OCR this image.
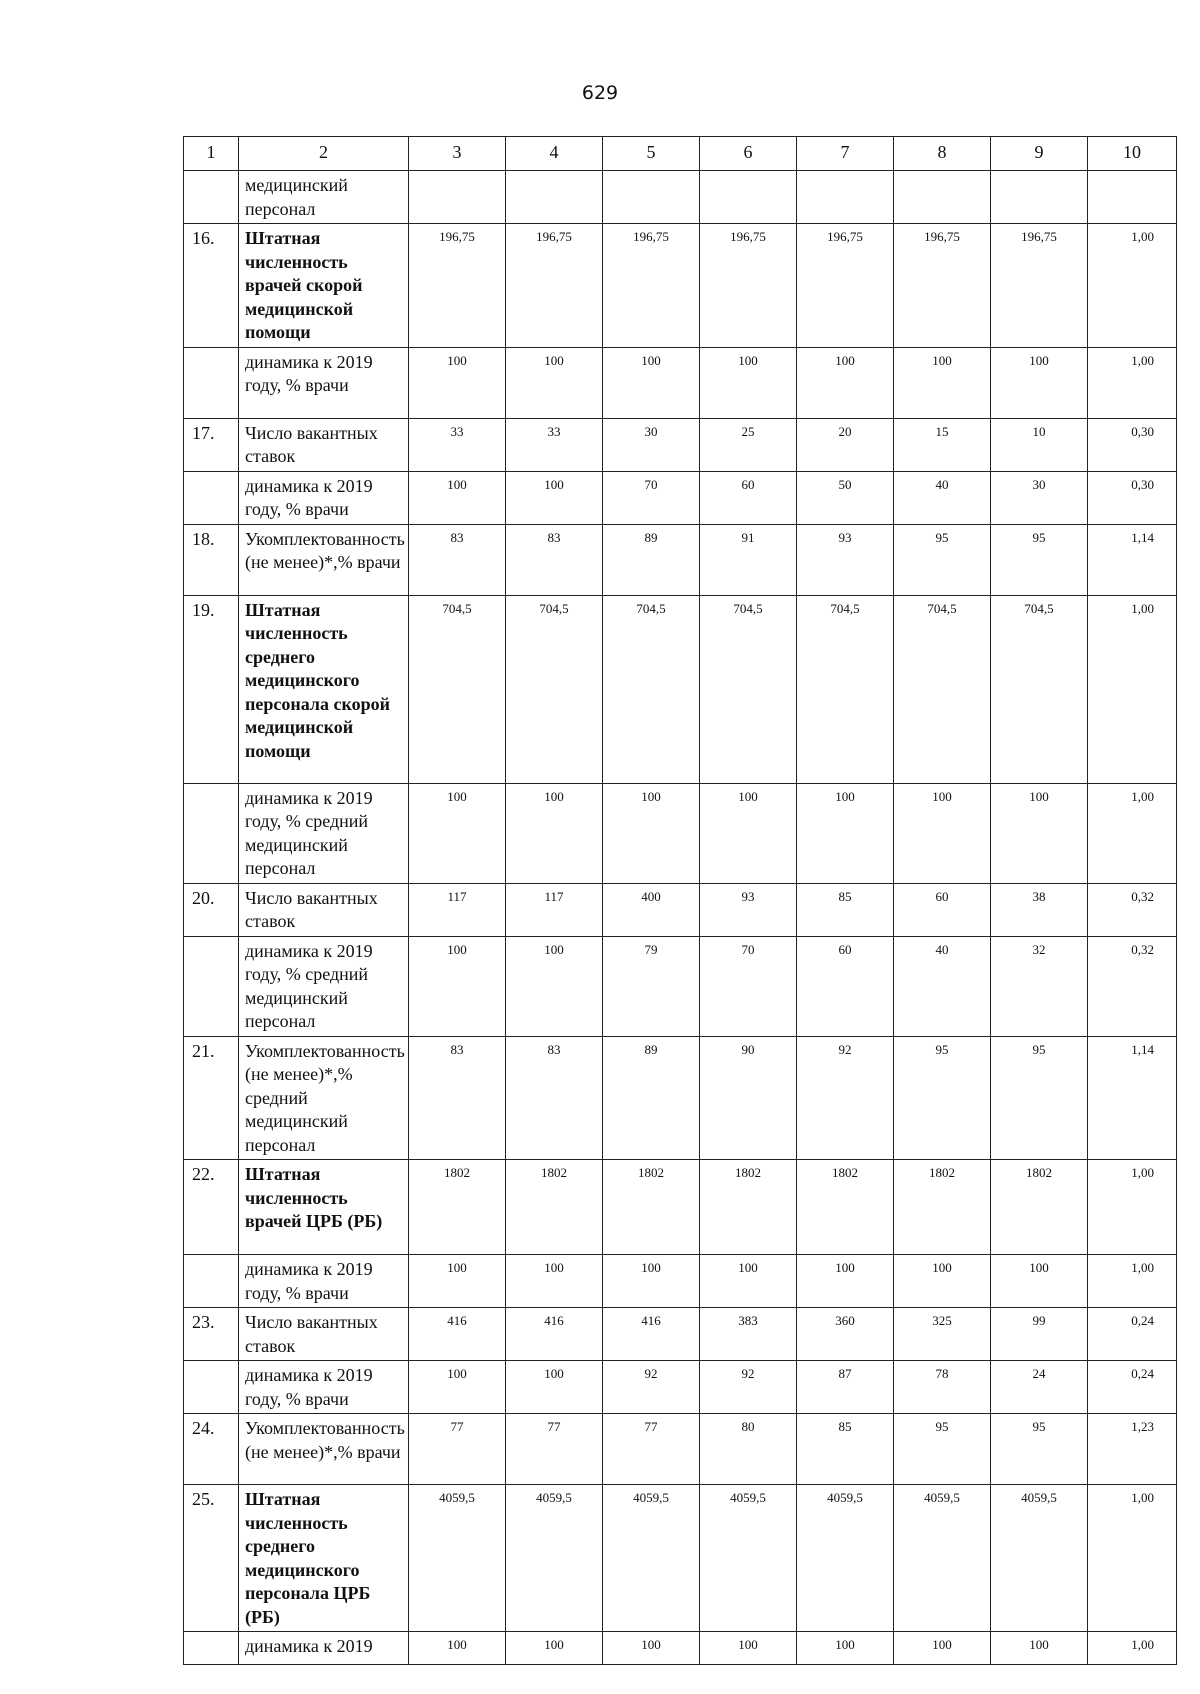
629
1	2	3	4	5	6	7	8	9	10
	медицинский персонал								
16.	Штатная численность врачей скорой медицинской помощи	196,75	196,75	196,75	196,75	196,75	196,75	196,75	1,00
	динамика к 2019 году, % врачи	100	100	100	100	100	100	100	1,00
17.	Число вакантных ставок	33	33	30	25	20	15	10	0,30
	динамика к 2019 году, % врачи	100	100	70	60	50	40	30	0,30
18.	Укомплектованность (не менее)*,% врачи	83	83	89	91	93	95	95	1,14
19.	Штатная численность среднего медицинского персонала скорой медицинской помощи	704,5	704,5	704,5	704,5	704,5	704,5	704,5	1,00
	динамика к 2019 году, % средний медицинский персонал	100	100	100	100	100	100	100	1,00
20.	Число вакантных ставок	117	117	400	93	85	60	38	0,32
	динамика к 2019 году, % средний медицинский персонал	100	100	79	70	60	40	32	0,32
21.	Укомплектованность (не менее)*,% средний медицинский персонал	83	83	89	90	92	95	95	1,14
22.	Штатная численность врачей ЦРБ (РБ)	1802	1802	1802	1802	1802	1802	1802	1,00
	динамика к 2019 году, % врачи	100	100	100	100	100	100	100	1,00
23.	Число вакантных ставок	416	416	416	383	360	325	99	0,24
	динамика к 2019 году, % врачи	100	100	92	92	87	78	24	0,24
24.	Укомплектованность (не менее)*,% врачи	77	77	77	80	85	95	95	1,23
25.	Штатная численность среднего медицинского персонала ЦРБ (РБ)	4059,5	4059,5	4059,5	4059,5	4059,5	4059,5	4059,5	1,00
	динамика к 2019	100	100	100	100	100	100	100	1,00
